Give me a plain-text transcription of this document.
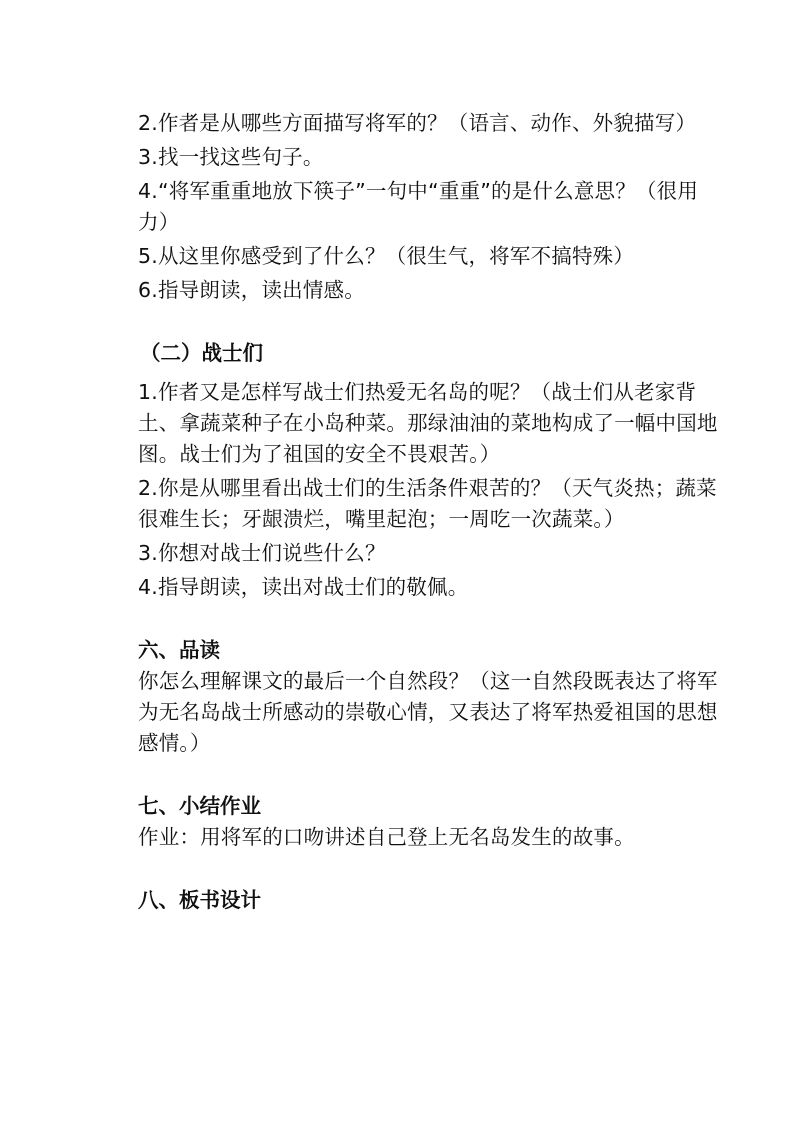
2.作者是从哪些方面描写将军的？（语言、动作、外貌描写）

3.找一找这些句子。

4.“将军重重地放下筷子”一句中“重重”的是什么意思？（很用力）

5.从这里你感受到了什么？（很生气，将军不搞特殊）

6.指导朗读，读出情感。

（二）战士们

1.作者又是怎样写战士们热爱无名岛的呢？（战士们从老家背土、拿蔬菜种子在小岛种菜。那绿油油的菜地构成了一幅中国地图。战士们为了祖国的安全不畏艰苦。）

2.你是从哪里看出战士们的生活条件艰苦的？（天气炎热；蔬菜很难生长；牙龈溃烂，嘴里起泡；一周吃一次蔬菜。）

3.你想对战士们说些什么？

4.指导朗读，读出对战士们的敬佩。

六、品读

你怎么理解课文的最后一个自然段？（这一自然段既表达了将军为无名岛战士所感动的崇敬心情，又表达了将军热爱祖国的思想感情。）

七、小结作业

作业：用将军的口吻讲述自己登上无名岛发生的故事。

八、板书设计
